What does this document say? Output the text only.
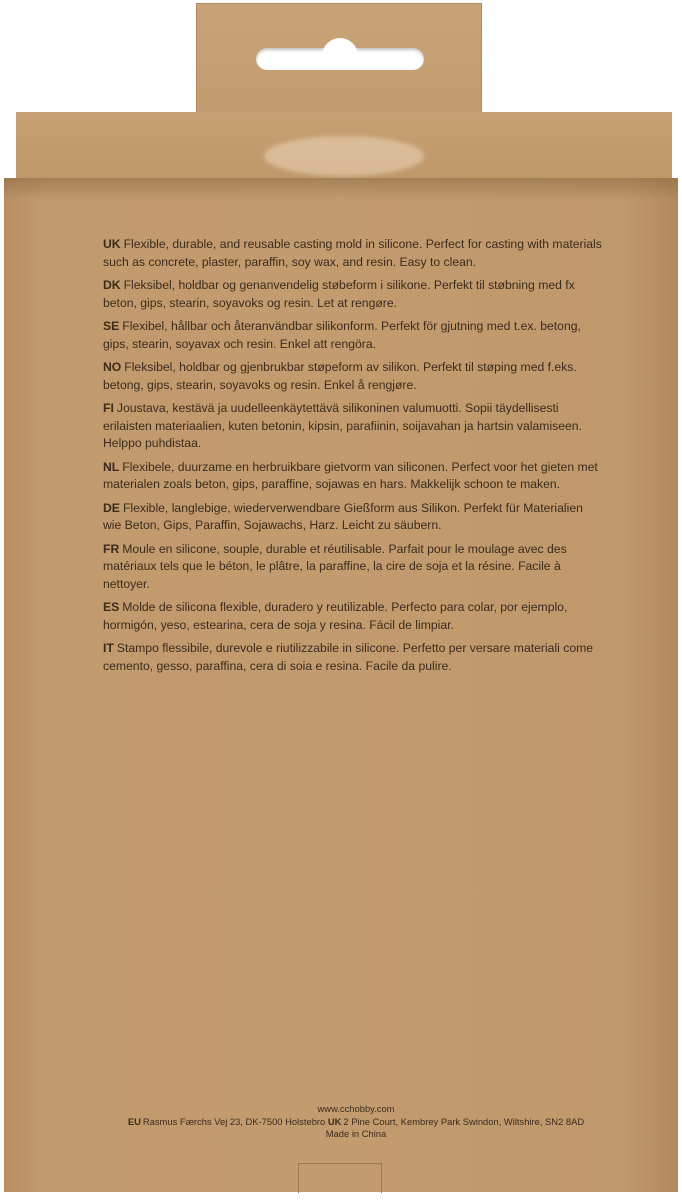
UK Flexible, durable, and reusable casting mold in silicone. Perfect for casting with materials such as concrete, plaster, paraffin, soy wax, and resin. Easy to clean.

DK Fleksibel, holdbar og genanvendelig støbeform i silikone. Perfekt til støbning med fx beton, gips, stearin, soyavoks og resin. Let at rengøre.

SE Flexibel, hållbar och återanvändbar silikonform. Perfekt för gjutning med t.ex. betong, gips, stearin, soyavax och resin. Enkel att rengöra.

NO Fleksibel, holdbar og gjenbrukbar støpeform av silikon. Perfekt til støping med f.eks. betong, gips, stearin, soyavoks og resin. Enkel å rengjøre.

FI Joustava, kestävä ja uudelleenkäytettävä silikoninen valumuotti. Sopii täydellisesti erilaisten materiaalien, kuten betonin, kipsin, parafiinin, soijavahan ja hartsin valamiseen. Helppo puhdistaa.

NL Flexibele, duurzame en herbruikbare gietvorm van siliconen. Perfect voor het gieten met materialen zoals beton, gips, paraffine, sojawas en hars. Makkelijk schoon te maken.

DE Flexible, langlebige, wiederverwendbare Gießform aus Silikon. Perfekt für Materialien wie Beton, Gips, Paraffin, Sojawachs, Harz. Leicht zu säubern.

FR Moule en silicone, souple, durable et réutilisable. Parfait pour le moulage avec des matériaux tels que le béton, le plâtre, la paraffine, la cire de soja et la résine. Facile à nettoyer.

ES Molde de silicona flexible, duradero y reutilizable. Perfecto para colar, por ejemplo, hormigón, yeso, estearina, cera de soja y resina. Fácil de limpiar.

IT Stampo flessibile, durevole e riutilizzabile in silicone. Perfetto per versare materiali come cemento, gesso, paraffina, cera di soia e resina. Facile da pulire.

www.cchobby.com
EU Rasmus Færchs Vej 23, DK-7500 Holstebro UK 2 Pine Court, Kembrey Park Swindon, Wiltshire, SN2 8AD
Made in China
